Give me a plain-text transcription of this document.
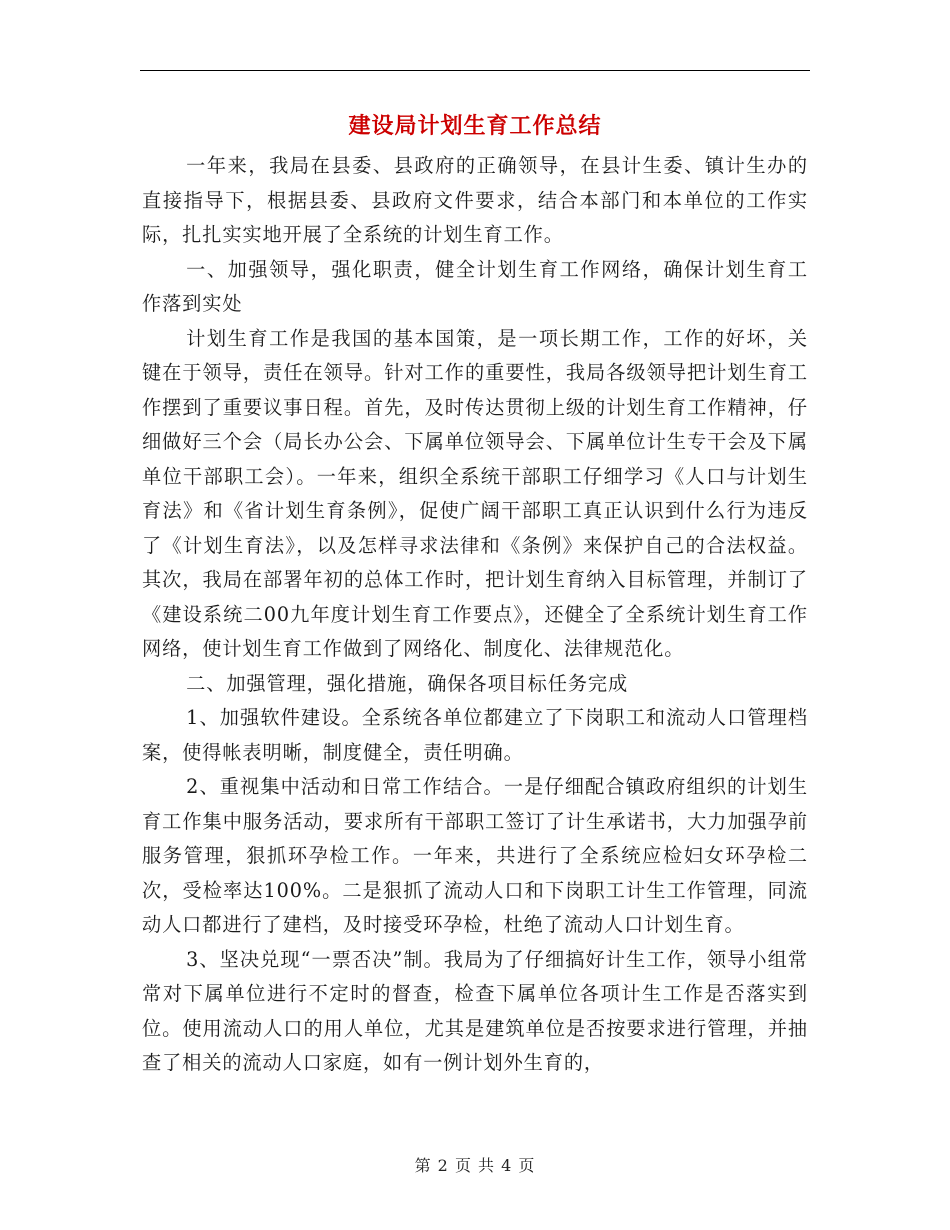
建设局计划生育工作总结

一年来，我局在县委、县政府的正确领导，在县计生委、镇计生办的直接指导下，根据县委、县政府文件要求，结合本部门和本单位的工作实际，扎扎实实地开展了全系统的计划生育工作。

一、加强领导，强化职责，健全计划生育工作网络，确保计划生育工作落到实处

计划生育工作是我国的基本国策，是一项长期工作，工作的好坏，关键在于领导，责任在领导。针对工作的重要性，我局各级领导把计划生育工作摆到了重要议事日程。首先，及时传达贯彻上级的计划生育工作精神，仔细做好三个会（局长办公会、下属单位领导会、下属单位计生专干会及下属单位干部职工会）。一年来，组织全系统干部职工仔细学习《人口与计划生育法》和《省计划生育条例》，促使广阔干部职工真正认识到什么行为违反了《计划生育法》，以及怎样寻求法律和《条例》来保护自己的合法权益。其次，我局在部署年初的总体工作时，把计划生育纳入目标管理，并制订了《建设系统二00九年度计划生育工作要点》，还健全了全系统计划生育工作网络，使计划生育工作做到了网络化、制度化、法律规范化。

二、加强管理，强化措施，确保各项目标任务完成

1、加强软件建设。全系统各单位都建立了下岗职工和流动人口管理档案，使得帐表明晰，制度健全，责任明确。

2、重视集中活动和日常工作结合。一是仔细配合镇政府组织的计划生育工作集中服务活动，要求所有干部职工签订了计生承诺书，大力加强孕前服务管理，狠抓环孕检工作。一年来，共进行了全系统应检妇女环孕检二次，受检率达100%。二是狠抓了流动人口和下岗职工计生工作管理，同流动人口都进行了建档，及时接受环孕检，杜绝了流动人口计划生育。

3、坚决兑现“一票否决”制。我局为了仔细搞好计生工作，领导小组常常对下属单位进行不定时的督查，检查下属单位各项计生工作是否落实到位。使用流动人口的用人单位，尤其是建筑单位是否按要求进行管理，并抽查了相关的流动人口家庭，如有一例计划外生育的，

第 2 页 共 4 页
